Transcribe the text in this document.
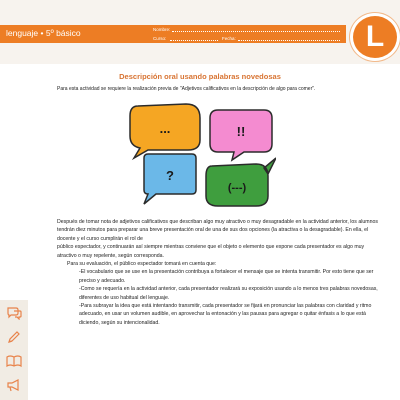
lenguaje • 5º básico	Nombre:
Curso:	Fecha:	L
Descripción oral usando palabras novedosas
Para esta actividad se requiere la realización previa de "Adjetivos calificativos en la descripción de algo para comer".
...	!!
?
(---)

Después de tomar nota de adjetivos calificativos que describan algo muy atractivo o muy desagradable en la actividad anterior, los alumnos tendrán diez minutos para preparar una breve presentación oral de una de sus dos opciones (la atractiva o la desagradable). En ella, el docente y el curso cumplirán el rol de

público espectador, y continuarán así siempre mientras conviene que el objeto o elemento que expone cada presentador es algo muy atractivo o muy repelente, según corresponda.

Para su evaluación, el público espectador tomará en cuenta que:

-El vocabulario que se use en la presentación contribuya a fortalecer el mensaje que se intenta transmitir. Por esto tiene que ser preciso y adecuado.

-Como se requería en la actividad anterior, cada presentador realizará su exposición usando a lo menos tres palabras novedosas, diferentes de uso habitual del lenguaje.

-Para subrayar la idea que está intentando transmitir, cada presentador se fijará en pronunciar las palabras con claridad y ritmo adecuado, en usar un volumen audible, en aprovechar la entonación y las pausas para agregar o quitar énfasis a lo que está diciendo, según su intencionalidad.
